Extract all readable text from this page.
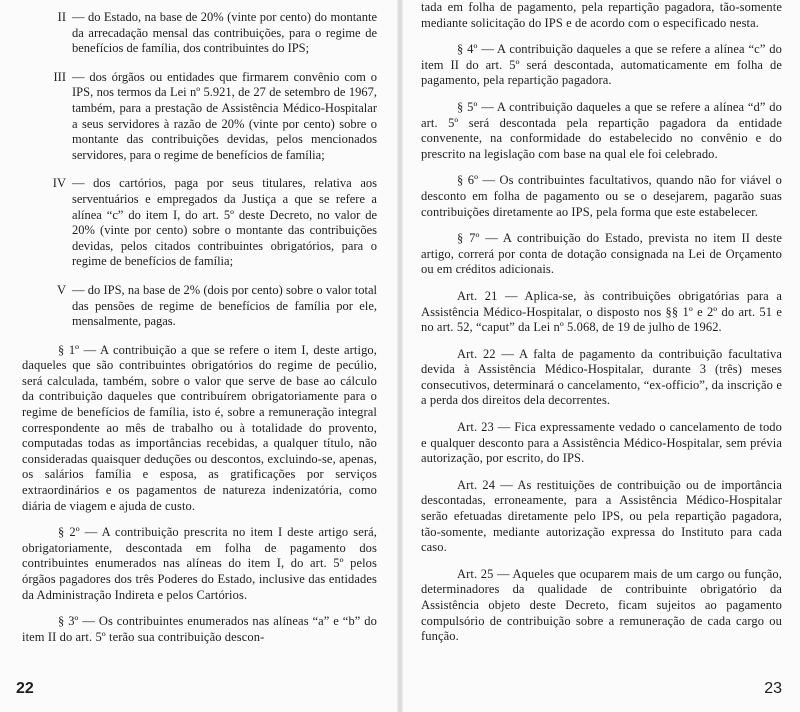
II — do Estado, na base de 20% (vinte por cento) do montante da arrecadação mensal das contribuições, para o regime de benefícios de família, dos contribuintes do IPS;
III — dos órgãos ou entidades que firmarem convênio com o IPS, nos termos da Lei nº 5.921, de 27 de setembro de 1967, também, para a prestação de Assistência Médico-Hospitalar a seus servidores à razão de 20% (vinte por cento) sobre o montante das contribuições devidas, pelos mencionados servidores, para o regime de benefícios de família;
IV — dos cartórios, paga por seus titulares, relativa aos serventuários e empregados da Justiça a que se refere a alínea “c” do item I, do art. 5º deste Decreto, no valor de 20% (vinte por cento) sobre o montante das contribuições devidas, pelos citados contribuintes obrigatórios, para o regime de benefícios de família;
V — do IPS, na base de 2% (dois por cento) sobre o valor total das pensões de regime de benefícios de família por ele, mensalmente, pagas.

§ 1º — A contribuição a que se refere o item I, deste artigo, daqueles que são contribuintes obrigatórios do regime de pecúlio, será calculada, também, sobre o valor que serve de base ao cálculo da contribuição daqueles que contribuírem obrigatoriamente para o regime de benefícios de família, isto é, sobre a remuneração integral correspondente ao mês de trabalho ou à totalidade do provento, computadas todas as importâncias recebidas, a qualquer título, não consideradas quaisquer deduções ou descontos, excluindo-se, apenas, os salários família e esposa, as gratificações por serviços extraordinários e os pagamentos de natureza indenizatória, como diária de viagem e ajuda de custo.

§ 2º — A contribuição prescrita no item I deste artigo será, obrigatoriamente, descontada em folha de pagamento dos contribuintes enumerados nas alíneas do item I, do art. 5º pelos órgãos pagadores dos três Poderes do Estado, inclusive das entidades da Administração Indireta e pelos Cartórios.

§ 3º — Os contribuintes enumerados nas alíneas “a” e “b” do item II do art. 5º terão sua contribuição descon-

22

tada em folha de pagamento, pela repartição pagadora, tão-somente mediante solicitação do IPS e de acordo com o especificado nesta.

§ 4º — A contribuição daqueles a que se refere a alínea “c” do item II do art. 5º será descontada, automaticamente em folha de pagamento, pela repartição pagadora.

§ 5º — A contribuição daqueles a que se refere a alínea “d” do art. 5º será descontada pela repartição pagadora da entidade convenente, na conformidade do estabelecido no convênio e do prescrito na legislação com base na qual ele foi celebrado.

§ 6º — Os contribuintes facultativos, quando não for viável o desconto em folha de pagamento ou se o desejarem, pagarão suas contribuições diretamente ao IPS, pela forma que este estabelecer.

§ 7º — A contribuição do Estado, prevista no item II deste artigo, correrá por conta de dotação consignada na Lei de Orçamento ou em créditos adicionais.

Art. 21 — Aplica-se, às contribuições obrigatórias para a Assistência Médico-Hospitalar, o disposto nos §§ 1º e 2º do art. 51 e no art. 52, “caput” da Lei nº 5.068, de 19 de julho de 1962.

Art. 22 — A falta de pagamento da contribuição facultativa devida à Assistência Médico-Hospitalar, durante 3 (três) meses consecutivos, determinará o cancelamento, “ex-officio”, da inscrição e a perda dos direitos dela decorrentes.

Art. 23 — Fica expressamente vedado o cancelamento de todo e qualquer desconto para a Assistência Médico-Hospitalar, sem prévia autorização, por escrito, do IPS.

Art. 24 — As restituições de contribuição ou de importância descontadas, erroneamente, para a Assistência Médico-Hospitalar serão efetuadas diretamente pelo IPS, ou pela repartição pagadora, tão-somente, mediante autorização expressa do Instituto para cada caso.

Art. 25 — Aqueles que ocuparem mais de um cargo ou função, determinadores da qualidade de contribuinte obrigatório da Assistência objeto deste Decreto, ficam sujeitos ao pagamento compulsório de contribuição sobre a remuneração de cada cargo ou função.

23
